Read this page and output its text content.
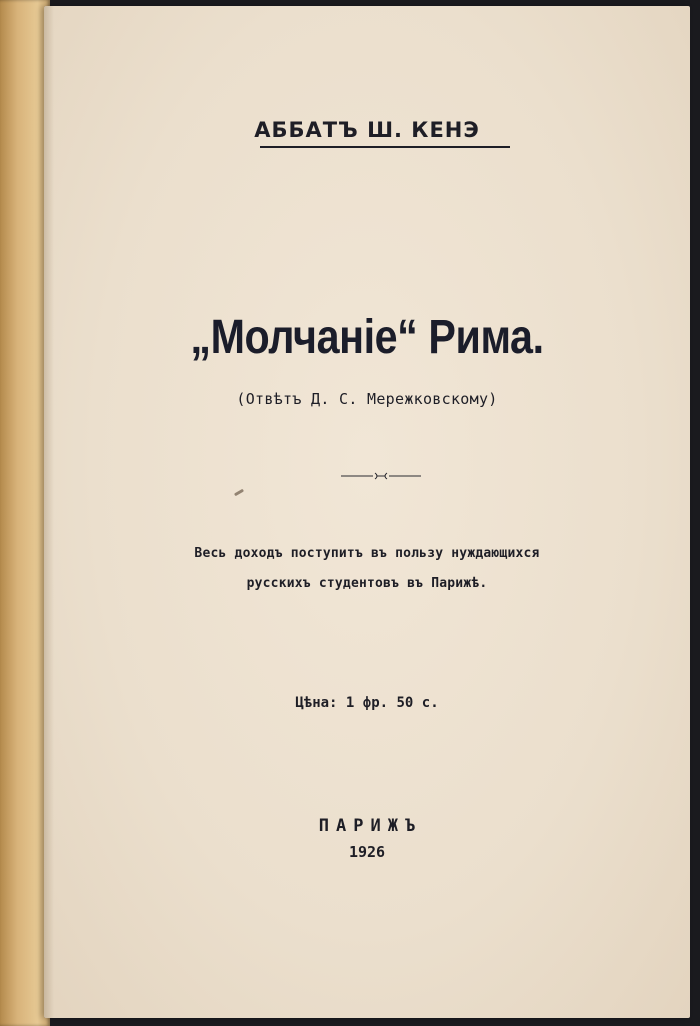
АББАТЪ Ш. КЕНЭ
„Молчаніе“ Рима.
(Отвѣтъ Д. С. Мережковскому)
Весь доходъ поступитъ въ пользу нуждающихся
русскихъ студентовъ въ Парижѣ.
Цѣна: 1 фр. 50 с.
ПАРИЖЪ
1926
